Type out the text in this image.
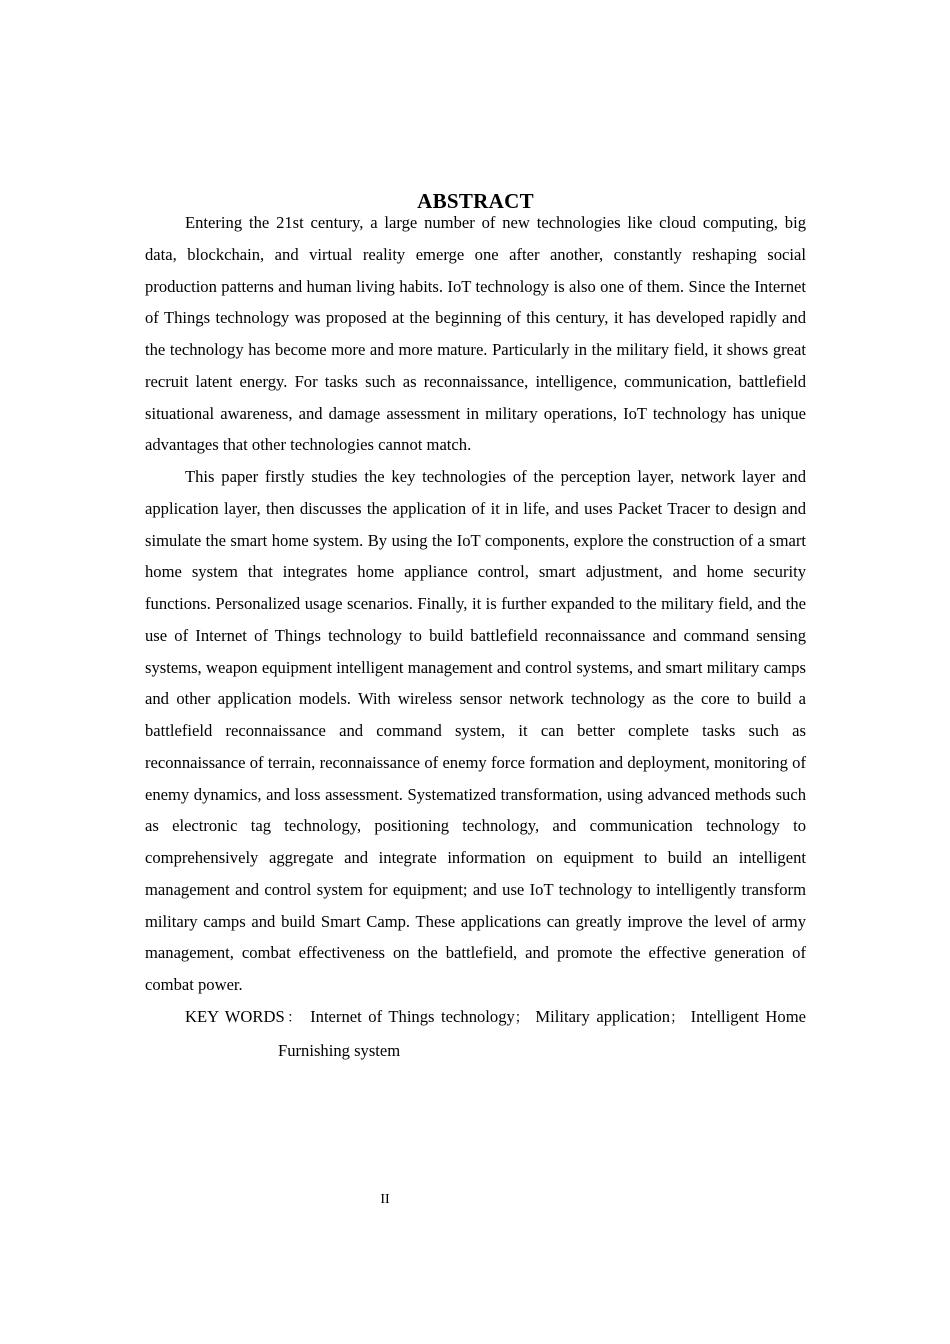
ABSTRACT

Entering the 21st century, a large number of new technologies like cloud computing, big data, blockchain, and virtual reality emerge one after another, constantly reshaping social production patterns and human living habits. IoT technology is also one of them. Since the Internet of Things technology was proposed at the beginning of this century, it has developed rapidly and the technology has become more and more mature. Particularly in the military field, it shows great recruit latent energy. For tasks such as reconnaissance, intelligence, communication, battlefield situational awareness, and damage assessment in military operations, IoT technology has unique advantages that other technologies cannot match.

This paper firstly studies the key technologies of the perception layer, network layer and application layer, then discusses the application of it in life, and uses Packet Tracer to design and simulate the smart home system. By using the IoT components, explore the construction of a smart home system that integrates home appliance control, smart adjustment, and home security functions. Personalized usage scenarios. Finally, it is further expanded to the military field, and the use of Internet of Things technology to build battlefield reconnaissance and command sensing systems, weapon equipment intelligent management and control systems, and smart military camps and other application models. With wireless sensor network technology as the core to build a battlefield reconnaissance and command system, it can better complete tasks such as reconnaissance of terrain, reconnaissance of enemy force formation and deployment, monitoring of enemy dynamics, and loss assessment. Systematized transformation, using advanced methods such as electronic tag technology, positioning technology, and communication technology to comprehensively aggregate and integrate information on equipment to build an intelligent management and control system for equipment; and use IoT technology to intelligently transform military camps and build Smart Camp. These applications can greatly improve the level of army management, combat effectiveness on the battlefield, and promote the effective generation of combat power.

KEY WORDS： Internet of Things technology； Military application； Intelligent Home Furnishing system

II
